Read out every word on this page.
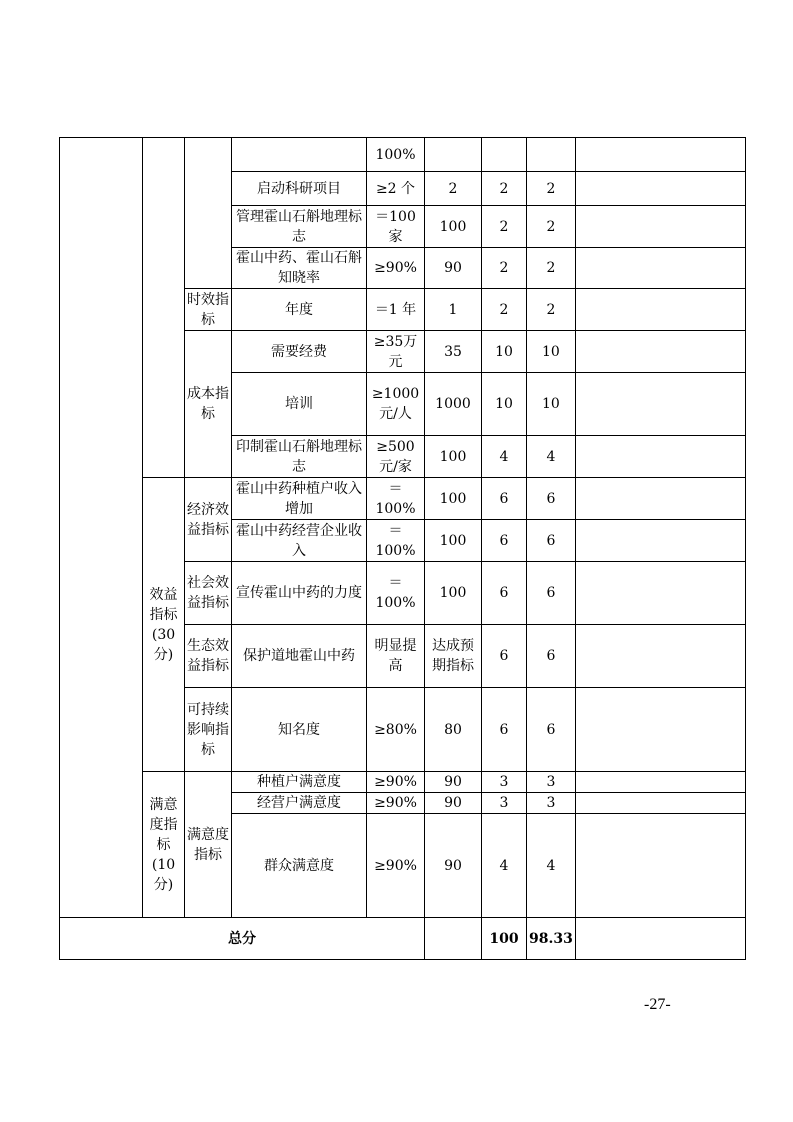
				100%				
			启动科研项目	≥2 个	2	2	2	
			管理霍山石斛地理标志	＝100家	100	2	2	
			霍山中药、霍山石斛知晓率	≥90%	90	2	2	
		时效指标	年度	＝1 年	1	2	2	
		成本指标	需要经费	≥35万元	35	10	10	
			培训	≥1000元/人	1000	10	10	
			印制霍山石斛地理标志	≥500元/家	100	4	4	
	效益指标(30分)	经济效益指标	霍山中药种植户收入增加	＝100%	100	6	6	
			霍山中药经营企业收入	＝100%	100	6	6	
		社会效益指标	宣传霍山中药的力度	＝100%	100	6	6	
		生态效益指标	保护道地霍山中药	明显提高	达成预期指标	6	6	
		可持续影响指标	知名度	≥80%	80	6	6	
	满意度指标(10分)	满意度指标	种植户满意度	≥90%	90	3	3	
			经营户满意度	≥90%	90	3	3	
			群众满意度	≥90%	90	4	4	
总分						100	98.33	
-27-
